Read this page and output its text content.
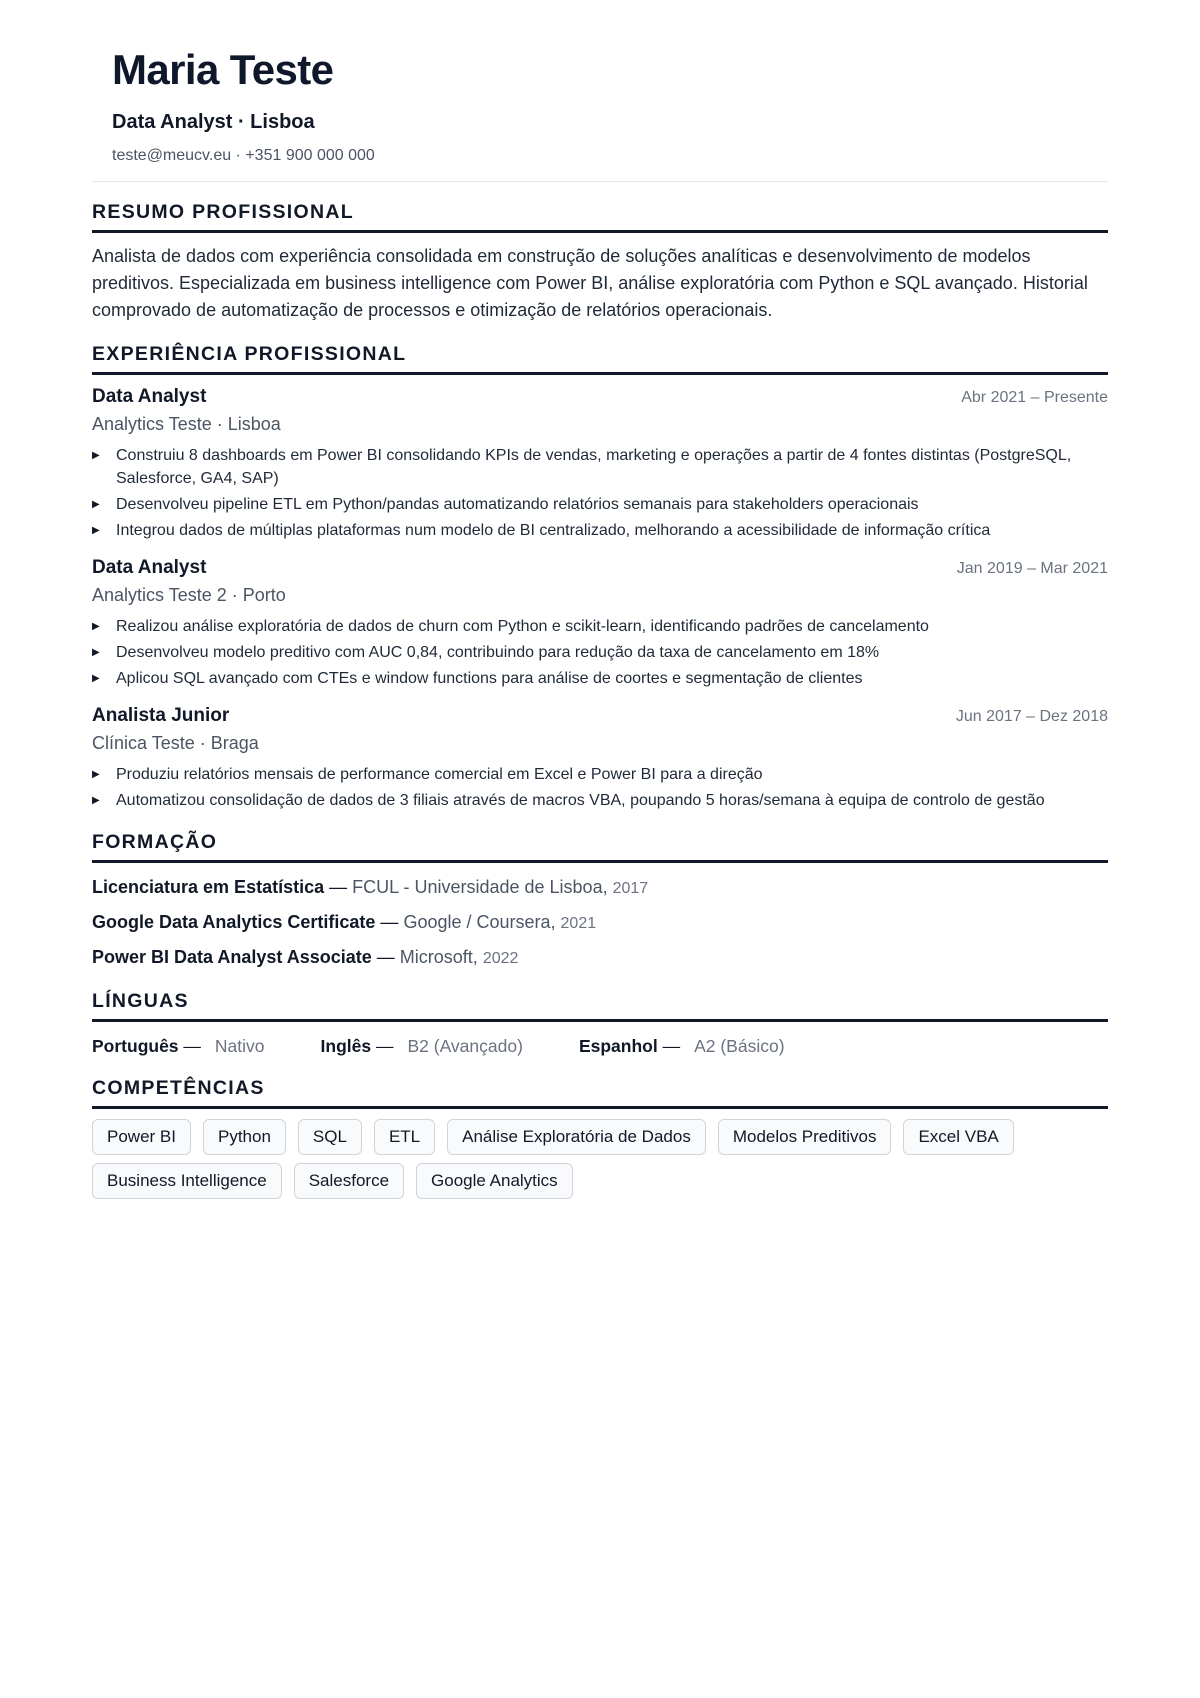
Maria Teste
Data Analyst · Lisboa
teste@meucv.eu · +351 900 000 000
RESUMO PROFISSIONAL
Analista de dados com experiência consolidada em construção de soluções analíticas e desenvolvimento de modelos preditivos. Especializada em business intelligence com Power BI, análise exploratória com Python e SQL avançado. Historial comprovado de automatização de processos e otimização de relatórios operacionais.
EXPERIÊNCIA PROFISSIONAL
Data Analyst	Abr 2021 – Presente
Analytics Teste · Lisboa
▶ Construiu 8 dashboards em Power BI consolidando KPIs de vendas, marketing e operações a partir de 4 fontes distintas (PostgreSQL, Salesforce, GA4, SAP)
▶ Desenvolveu pipeline ETL em Python/pandas automatizando relatórios semanais para stakeholders operacionais
▶ Integrou dados de múltiplas plataformas num modelo de BI centralizado, melhorando a acessibilidade de informação crítica
Data Analyst	Jan 2019 – Mar 2021
Analytics Teste 2 · Porto
▶ Realizou análise exploratória de dados de churn com Python e scikit-learn, identificando padrões de cancelamento
▶ Desenvolveu modelo preditivo com AUC 0,84, contribuindo para redução da taxa de cancelamento em 18%
▶ Aplicou SQL avançado com CTEs e window functions para análise de coortes e segmentação de clientes
Analista Junior	Jun 2017 – Dez 2018
Clínica Teste · Braga
▶ Produziu relatórios mensais de performance comercial em Excel e Power BI para a direção
▶ Automatizou consolidação de dados de 3 filiais através de macros VBA, poupando 5 horas/semana à equipa de controlo de gestão
FORMAÇÃO
Licenciatura em Estatística — FCUL - Universidade de Lisboa, 2017
Google Data Analytics Certificate — Google / Coursera, 2021
Power BI Data Analyst Associate — Microsoft, 2022
LÍNGUAS
Português — Nativo	Inglês — B2 (Avançado)	Espanhol — A2 (Básico)
COMPETÊNCIAS
Power BI	Python	SQL	ETL	Análise Exploratória de Dados	Modelos Preditivos	Excel VBA
Business Intelligence	Salesforce	Google Analytics
